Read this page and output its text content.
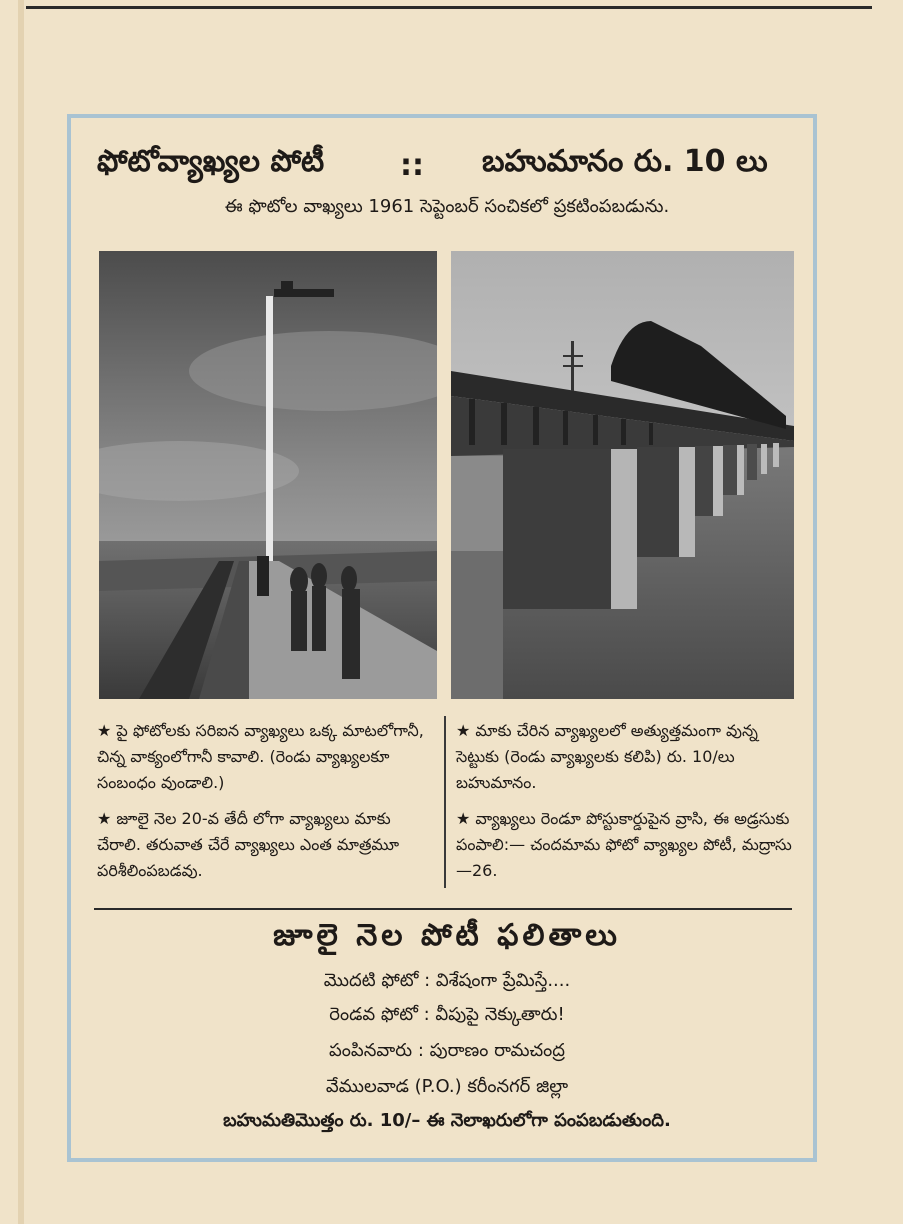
ఫోటోవ్యాఖ్యల పోటీ	:: బహుమానం రు. 10 లు
ఈ ఫొటోల వాఖ్యలు 1961 సెప్టెంబర్ సంచికలో ప్రకటింపబడును.
★ పై ఫోటోలకు సరిఐన వ్యాఖ్యలు ఒక్క మాటలోగానీ, చిన్న వాక్యంలోగానీ కావాలి. (రెండు వ్యాఖ్యలకూ సంబంధం వుండాలి.)
★ జూలై నెల 20-వ తేదీ లోగా వ్యాఖ్యలు మాకు చేరాలి. తరువాత చేరే వ్యాఖ్యలు ఎంత మాత్రమూ పరిశీలింపబడవు.
★ మాకు చేరిన వ్యాఖ్యలలో అత్యుత్తమంగా వున్న సెట్టుకు (రెండు వ్యాఖ్యలకు కలిపి) రు. 10/లు బహుమానం.
★ వ్యాఖ్యలు రెండూ పోస్టుకార్డుపైన వ్రాసి, ఈ అడ్రసుకు పంపాలి:— చందమామ ఫోటో వ్యాఖ్యల పోటీ, మద్రాసు—26.
జూలై నెల పోటీ ఫలితాలు
మొదటి ఫోటో : విశేషంగా ప్రేమిస్తే....
రెండవ ఫోటో : వీపుపై నెక్కుతారు!
పంపినవారు : పురాణం రామచంద్ర
వేములవాడ (P.O.) కరీంనగర్ జిల్లా
బహుమతిమొత్తం రు. 10/– ఈ నెలాఖరులోగా పంపబడుతుంది.
